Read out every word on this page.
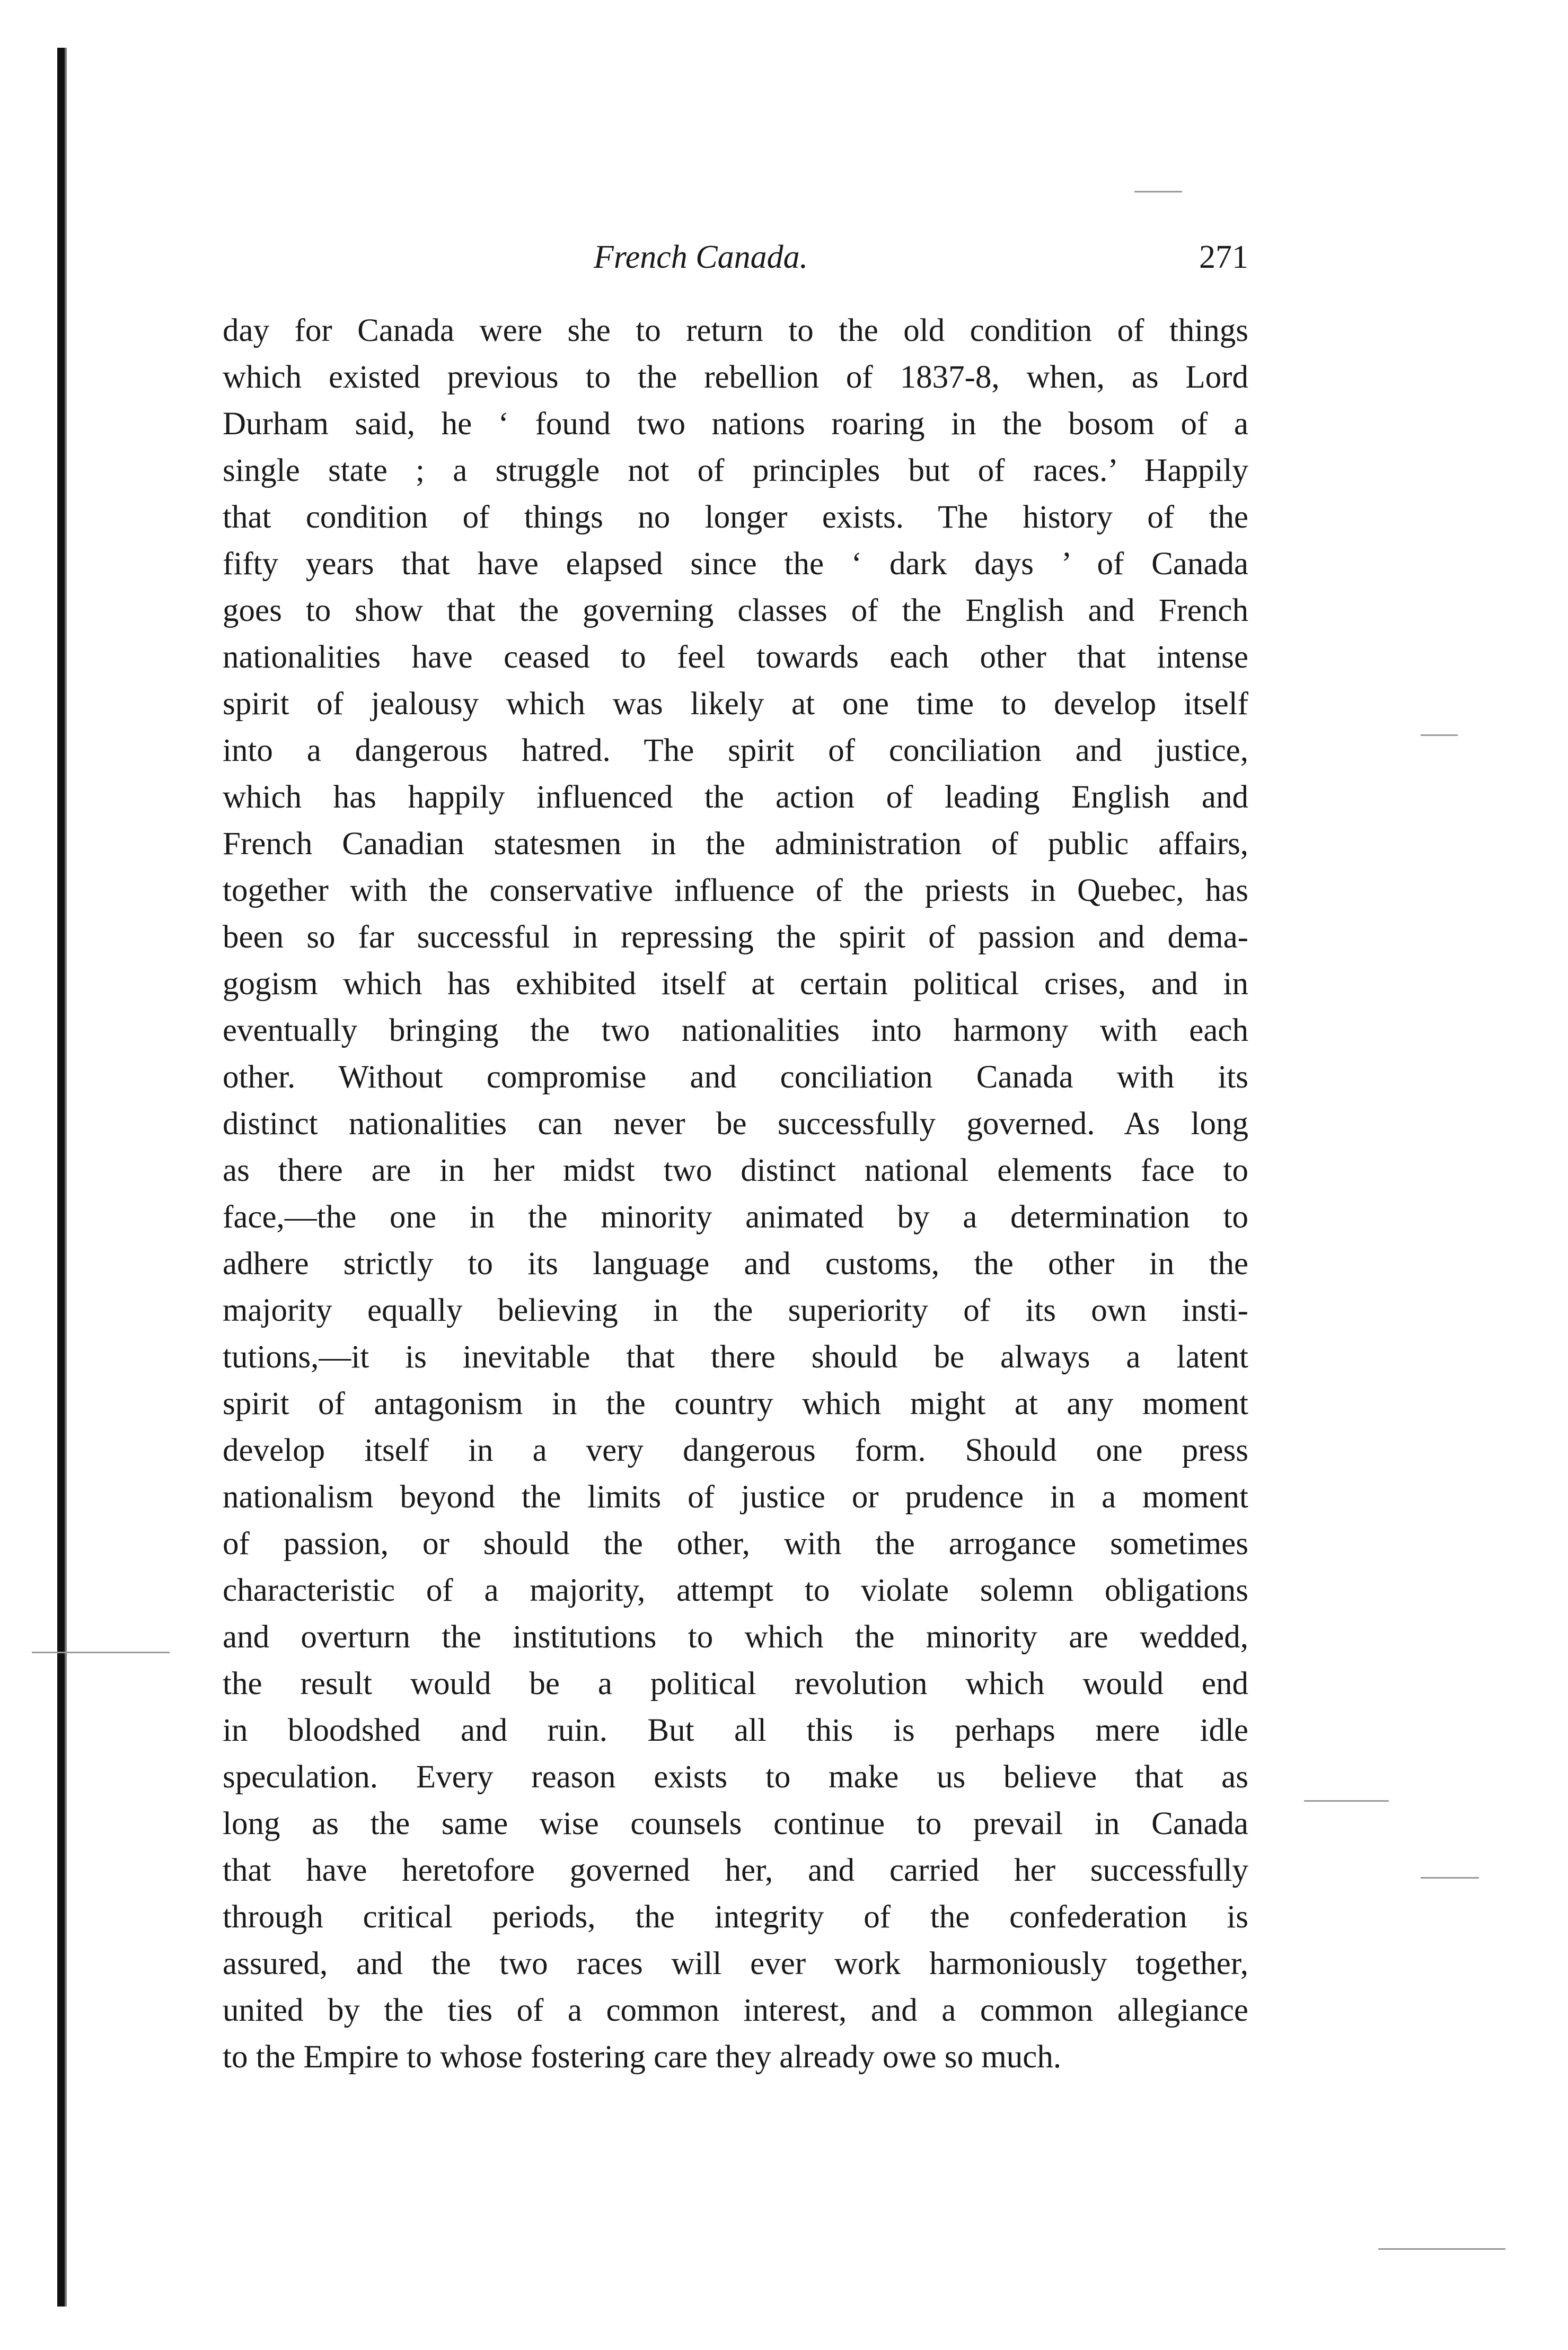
French Canada.	271
day for Canada were she to return to the old condition of things
which existed previous to the rebellion of 1837-8, when, as Lord
Durham said, he ‘ found two nations roaring in the bosom of a
single state ; a struggle not of principles but of races.’ Happily
that condition of things no longer exists. The history of the
fifty years that have elapsed since the ‘ dark days ’ of Canada
goes to show that the governing classes of the English and French
nationalities have ceased to feel towards each other that intense
spirit of jealousy which was likely at one time to develop itself
into a dangerous hatred. The spirit of conciliation and justice,
which has happily influenced the action of leading English and
French Canadian statesmen in the administration of public affairs,
together with the conservative influence of the priests in Quebec, has
been so far successful in repressing the spirit of passion and dema-
gogism which has exhibited itself at certain political crises, and in
eventually bringing the two nationalities into harmony with each
other. Without compromise and conciliation Canada with its
distinct nationalities can never be successfully governed. As long
as there are in her midst two distinct national elements face to
face,—the one in the minority animated by a determination to
adhere strictly to its language and customs, the other in the
majority equally believing in the superiority of its own insti-
tutions,—it is inevitable that there should be always a latent
spirit of antagonism in the country which might at any moment
develop itself in a very dangerous form. Should one press
nationalism beyond the limits of justice or prudence in a moment
of passion, or should the other, with the arrogance sometimes
characteristic of a majority, attempt to violate solemn obligations
and overturn the institutions to which the minority are wedded,
the result would be a political revolution which would end
in bloodshed and ruin. But all this is perhaps mere idle
speculation. Every reason exists to make us believe that as
long as the same wise counsels continue to prevail in Canada
that have heretofore governed her, and carried her successfully
through critical periods, the integrity of the confederation is
assured, and the two races will ever work harmoniously together,
united by the ties of a common interest, and a common allegiance
to the Empire to whose fostering care they already owe so much.
